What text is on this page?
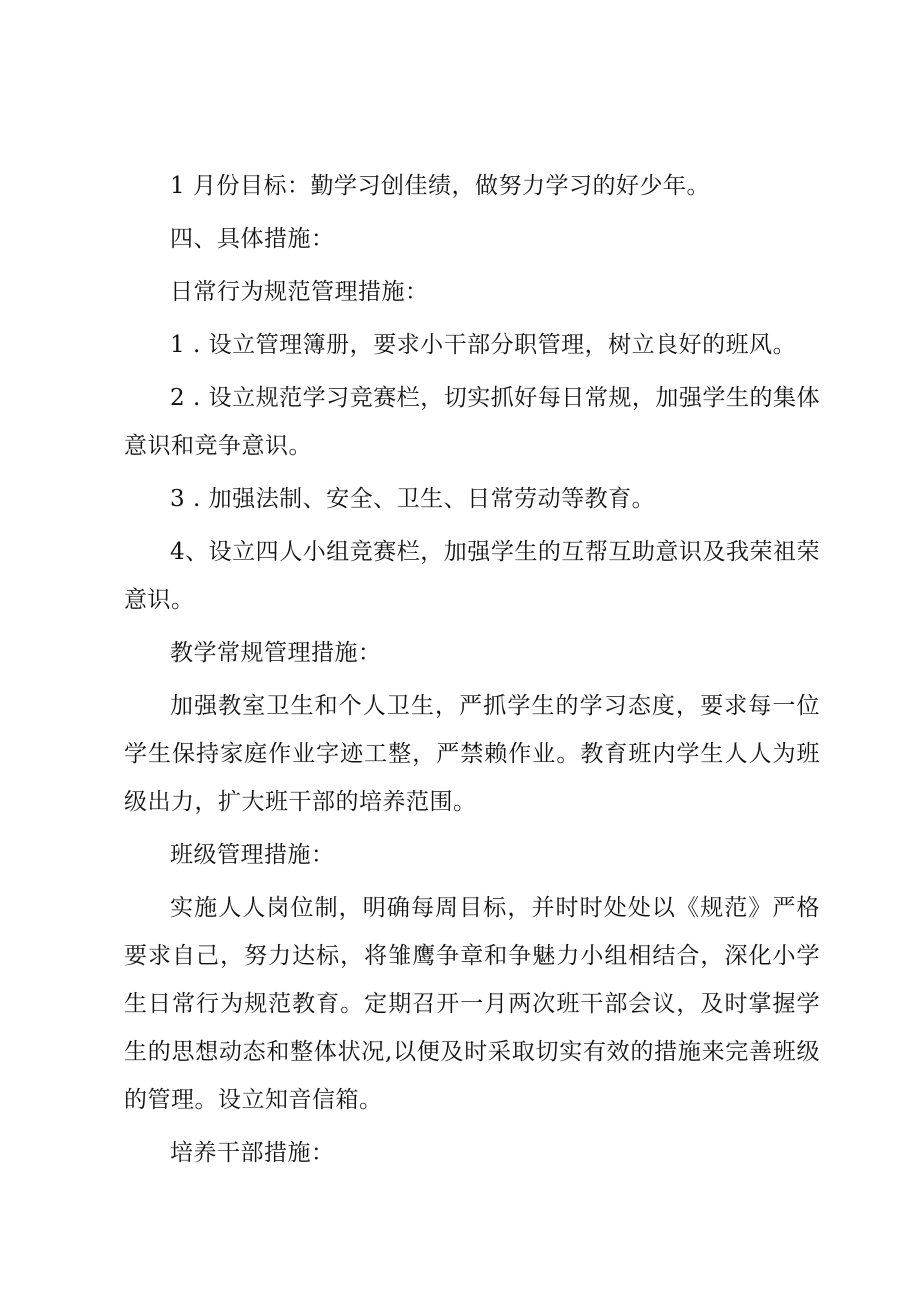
1 月份目标：勤学习创佳绩，做努力学习的好少年。

四、具体措施：

日常行为规范管理措施：

1 . 设立管理簿册，要求小干部分职管理，树立良好的班风。

2 . 设立规范学习竞赛栏，切实抓好每日常规，加强学生的集体意识和竞争意识。

3 . 加强法制、安全、卫生、日常劳动等教育。

4、设立四人小组竞赛栏，加强学生的互帮互助意识及我荣祖荣意识。

教学常规管理措施：

加强教室卫生和个人卫生，严抓学生的学习态度，要求每一位学生保持家庭作业字迹工整，严禁赖作业。教育班内学生人人为班级出力，扩大班干部的培养范围。

班级管理措施：

实施人人岗位制，明确每周目标，并时时处处以《规范》严格要求自己，努力达标，将雏鹰争章和争魅力小组相结合，深化小学生日常行为规范教育。定期召开一月两次班干部会议，及时掌握学生的思想动态和整体状况,以便及时采取切实有效的措施来完善班级的管理。设立知音信箱。

培养干部措施：
